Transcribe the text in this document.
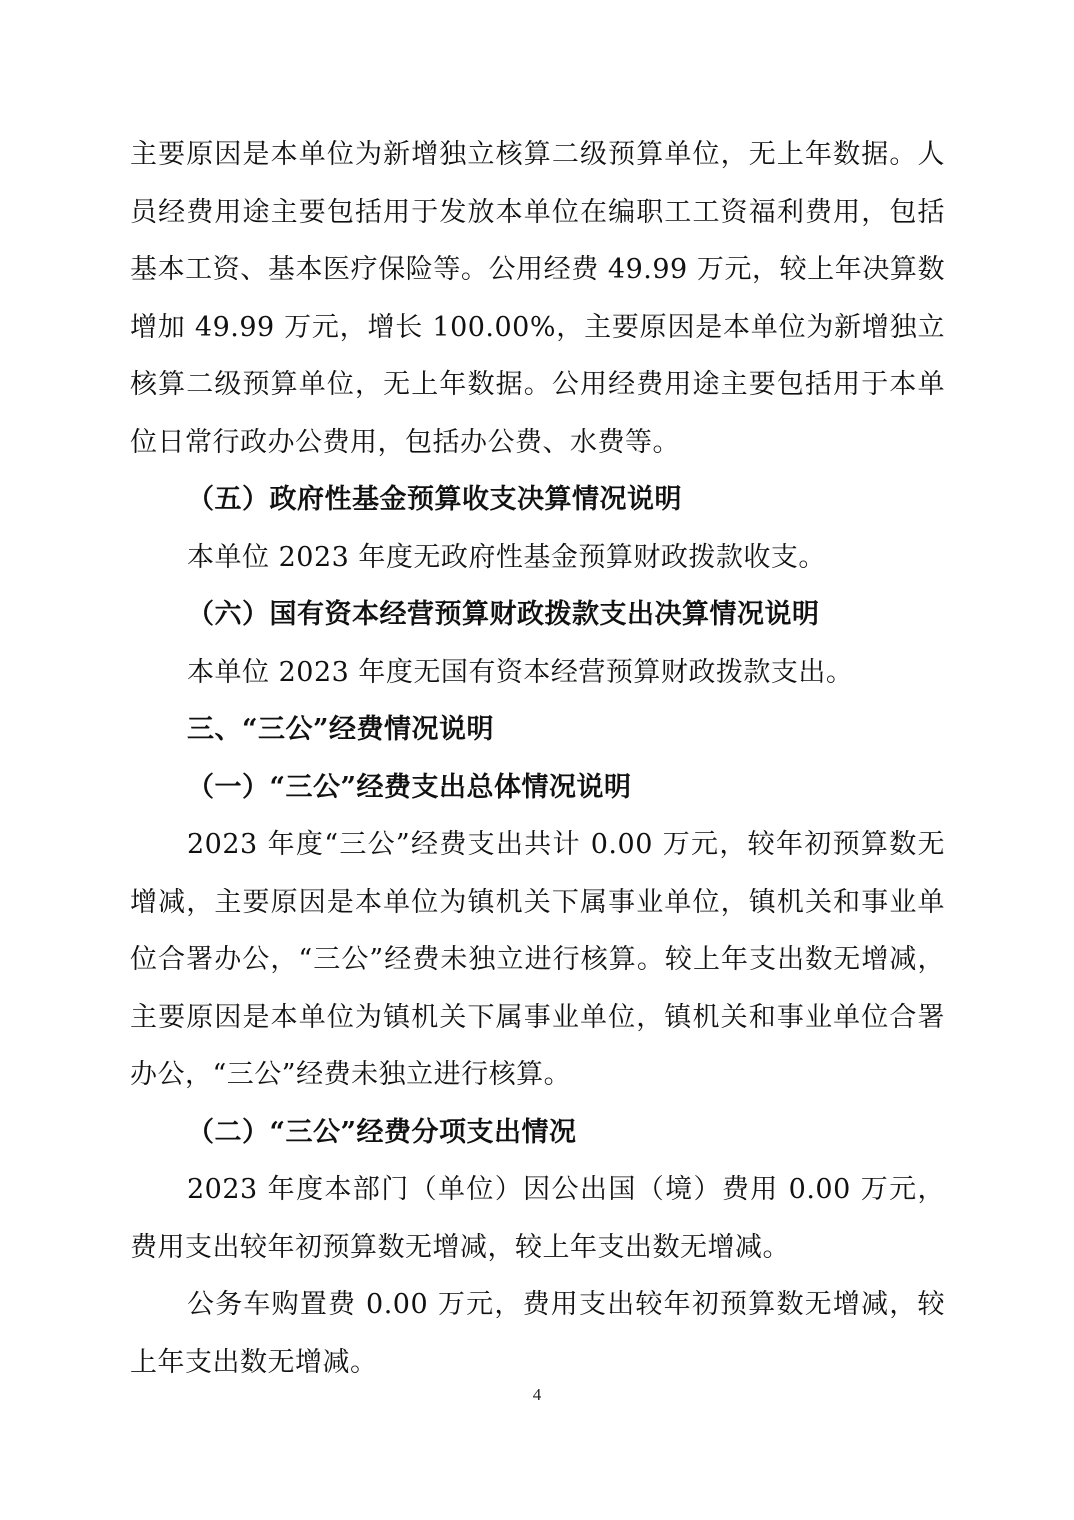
主要原因是本单位为新增独立核算二级预算单位，无上年数据。人员经费用途主要包括用于发放本单位在编职工工资福利费用，包括基本工资、基本医疗保险等。公用经费 49.99 万元，较上年决算数增加 49.99 万元，增长 100.00%，主要原因是本单位为新增独立核算二级预算单位，无上年数据。公用经费用途主要包括用于本单位日常行政办公费用，包括办公费、水费等。

（五）政府性基金预算收支决算情况说明

本单位 2023 年度无政府性基金预算财政拨款收支。

（六）国有资本经营预算财政拨款支出决算情况说明

本单位 2023 年度无国有资本经营预算财政拨款支出。

三、“三公”经费情况说明

（一）“三公”经费支出总体情况说明

2023 年度“三公”经费支出共计 0.00 万元，较年初预算数无增减，主要原因是本单位为镇机关下属事业单位，镇机关和事业单位合署办公，“三公”经费未独立进行核算。较上年支出数无增减，主要原因是本单位为镇机关下属事业单位，镇机关和事业单位合署办公，“三公”经费未独立进行核算。

（二）“三公”经费分项支出情况

2023 年度本部门（单位）因公出国（境）费用 0.00 万元，费用支出较年初预算数无增减，较上年支出数无增减。

公务车购置费 0.00 万元，费用支出较年初预算数无增减，较上年支出数无增减。

4
